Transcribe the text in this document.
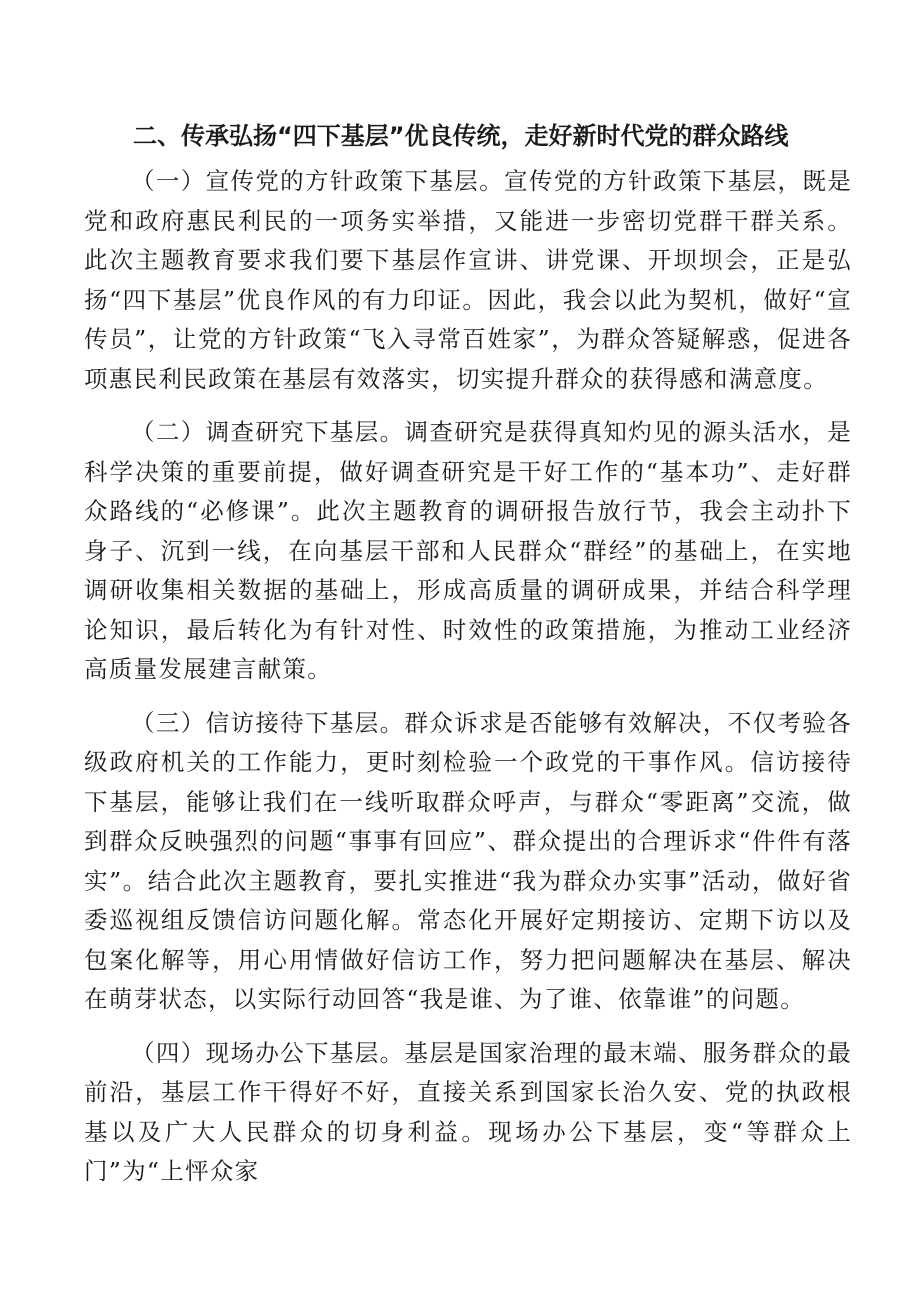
二、传承弘扬“四下基层”优良传统，走好新时代党的群众路线

（一）宣传党的方针政策下基层。宣传党的方针政策下基层，既是党和政府惠民利民的一项务实举措，又能进一步密切党群干群关系。此次主题教育要求我们要下基层作宣讲、讲党课、开坝坝会，正是弘扬“四下基层”优良作风的有力印证。因此，我会以此为契机，做好“宣传员”，让党的方针政策“飞入寻常百姓家”，为群众答疑解惑，促进各项惠民利民政策在基层有效落实，切实提升群众的获得感和满意度。

（二）调查研究下基层。调查研究是获得真知灼见的源头活水，是科学决策的重要前提，做好调查研究是干好工作的“基本功”、走好群众路线的“必修课”。此次主题教育的调研报告放行节，我会主动扑下身子、沉到一线，在向基层干部和人民群众“群经”的基础上，在实地调研收集相关数据的基础上，形成高质量的调研成果，并结合科学理论知识，最后转化为有针对性、时效性的政策措施，为推动工业经济高质量发展建言献策。

（三）信访接待下基层。群众诉求是否能够有效解决，不仅考验各级政府机关的工作能力，更时刻检验一个政党的干事作风。信访接待下基层，能够让我们在一线听取群众呼声，与群众“零距离”交流，做到群众反映强烈的问题“事事有回应”、群众提出的合理诉求“件件有落实”。结合此次主题教育，要扎实推进“我为群众办实事”活动，做好省委巡视组反馈信访问题化解。常态化开展好定期接访、定期下访以及包案化解等，用心用情做好信访工作，努力把问题解决在基层、解决在萌芽状态，以实际行动回答“我是谁、为了谁、依靠谁”的问题。

（四）现场办公下基层。基层是国家治理的最末端、服务群众的最前沿，基层工作干得好不好，直接关系到国家长治久安、党的执政根基以及广大人民群众的切身利益。现场办公下基层，变“等群众上门”为“上怦众家
